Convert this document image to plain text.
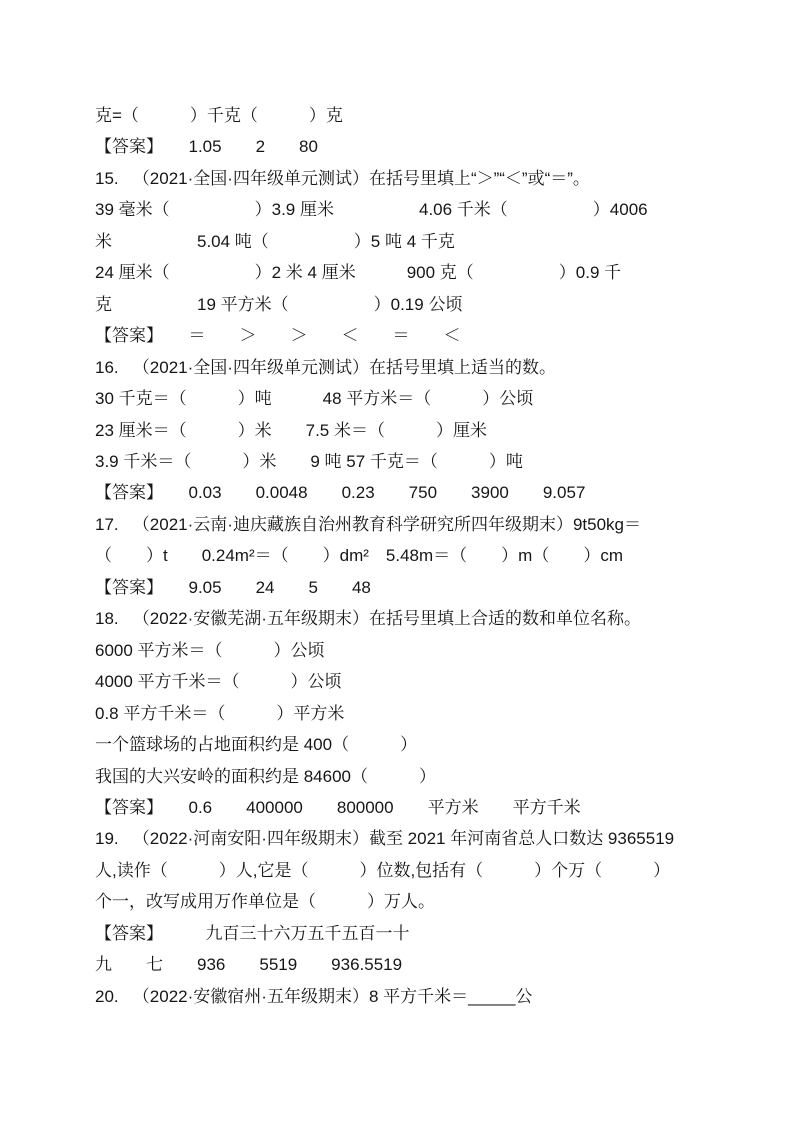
克=（　　　）千克（　　　）克
【答案】　　1.05　　2　　80
15.   （2021·全国·四年级单元测试）在括号里填上“＞”“＜”或“＝”。
39 毫米（　　　　　）3.9 厘米　　　　　4.06 千米（　　　　　）4006
米　　　　　5.04 吨（　　　　　）5 吨 4 千克
24 厘米（　　　　　）2 米 4 厘米　　　900 克（　　　　　）0.9 千
克　　　　　19 平方米（　　　　　）0.19 公顷
【答案】　　＝　　＞　　＞　　＜　　＝　　＜
16.   （2021·全国·四年级单元测试）在括号里填上适当的数。
30 千克＝（　　　）吨　　　48 平方米＝（　　　）公顷
23 厘米＝（　　　）米　　7.5 米＝（　　　）厘米
3.9 千米＝（　　　）米　　9 吨 57 千克＝（　　　）吨
【答案】　　0.03　　0.0048　　0.23　　750　　3900　　9.057
17.   （2021·云南·迪庆藏族自治州教育科学研究所四年级期末）9t50kg＝
（　　）t　　0.24m²＝（　　）dm²　5.48m＝（　　）m（　　）cm
【答案】　　9.05　　24　　5　　48
18.   （2022·安徽芜湖·五年级期末）在括号里填上合适的数和单位名称。
6000 平方米＝（　　　）公顷
4000 平方千米＝（　　　）公顷
0.8 平方千米＝（　　　）平方米
一个篮球场的占地面积约是 400（　　　）
我国的大兴安岭的面积约是 84600（　　　）
【答案】　　0.6　　400000　　800000　　平方米　　平方千米
19.   （2022·河南安阳·四年级期末）截至 2021 年河南省总人口数达 9365519
人,读作（　　　）人,它是（　　　）位数,包括有（　　　）个万（　　　）
个一，改写成用万作单位是（　　　）万人。
【答案】　　　九百三十六万五千五百一十
九　　七　　936　　5519　　936.5519
20.   （2022·安徽宿州·五年级期末）8 平方千米＝_____公
